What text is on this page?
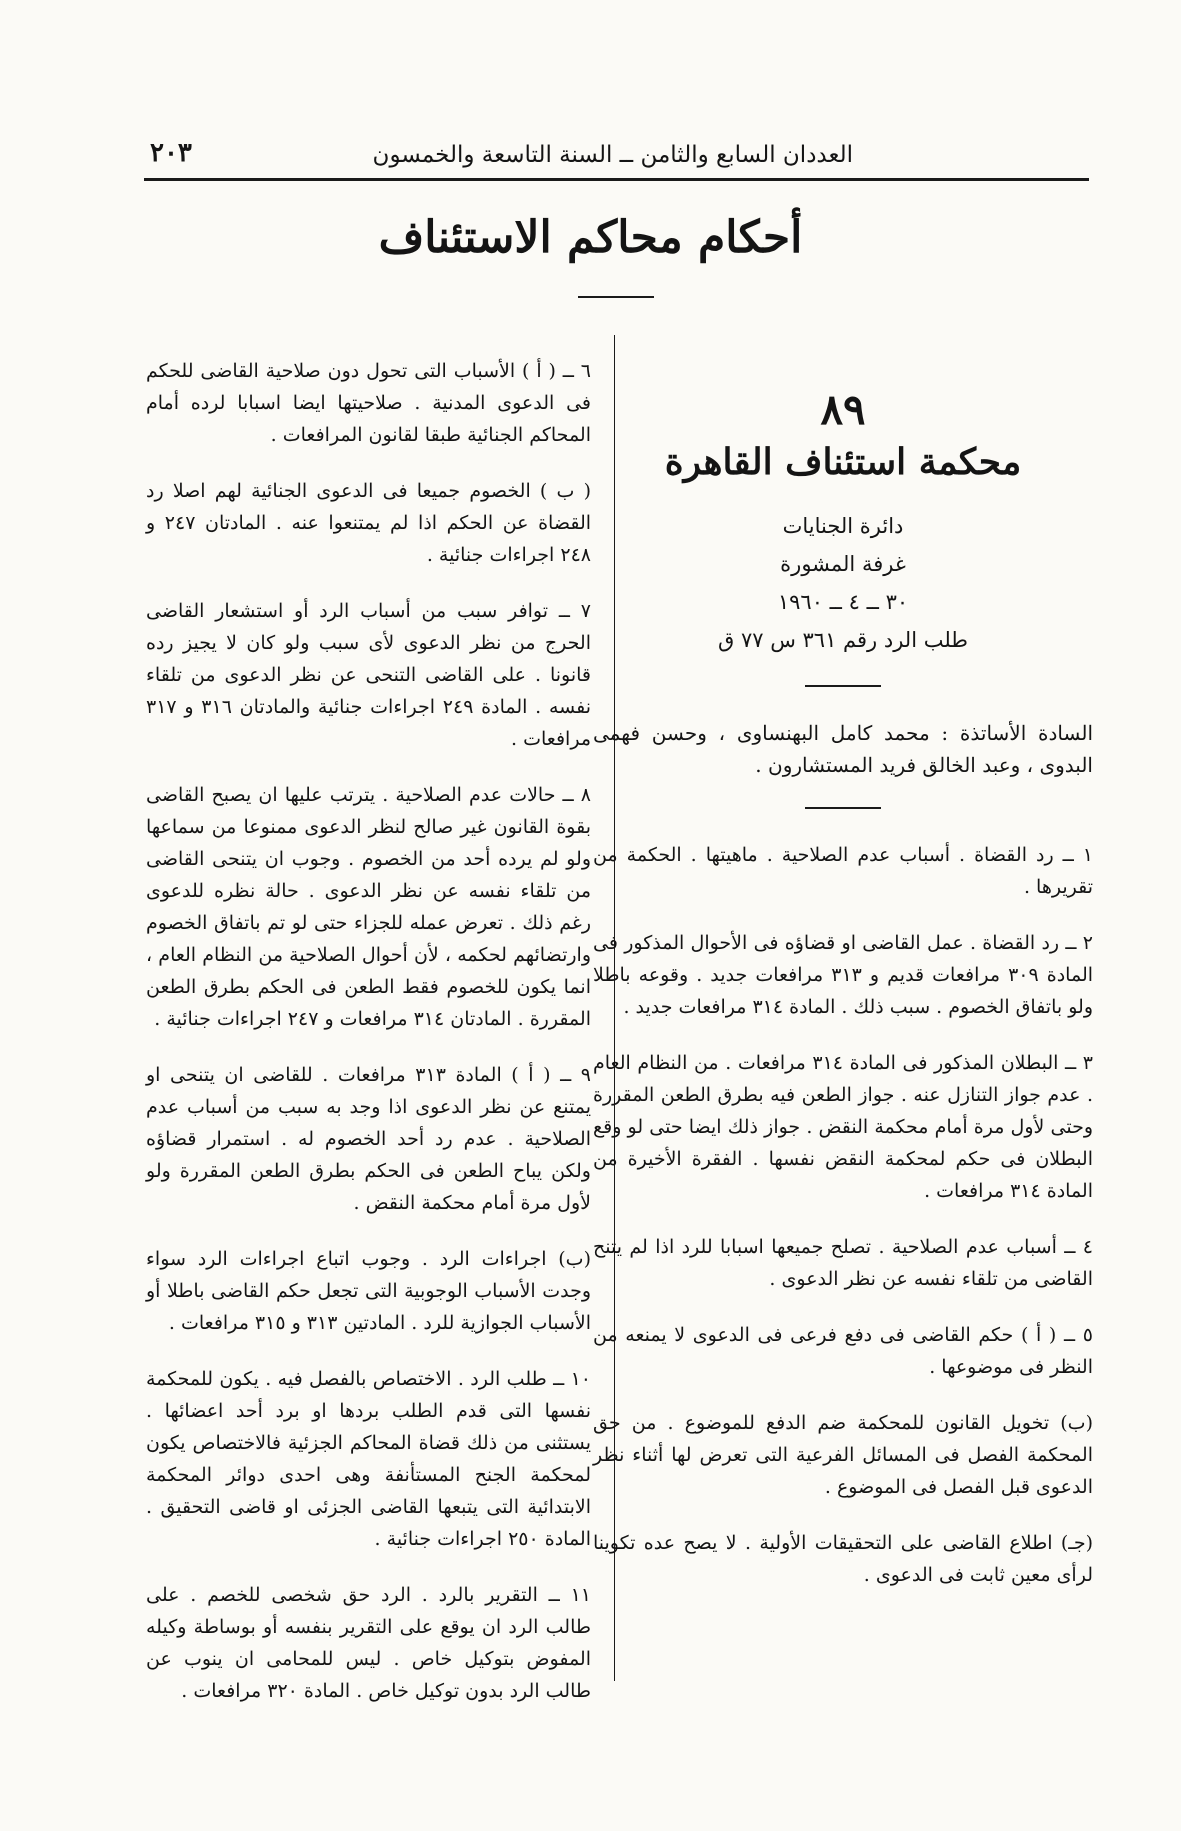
العددان السابع والثامن ــ السنة التاسعة والخمسون
٢٠٣
أحكام محاكم الاستئناف
٨٩
محكمة استئناف القاهرة
دائرة الجنايات
غرفة المشورة
٣٠ ــ ٤ ــ ١٩٦٠
طلب الرد رقم ٣٦١ س ٧٧ ق
السادة الأساتذة : محمد كامل البهنساوى ، وحسن فهمى البدوى ، وعبد الخالق فريد المستشارون .

١ ــ رد القضاة . أسباب عدم الصلاحية . ماهيتها . الحكمة من تقريرها .

٢ ــ رد القضاة . عمل القاضى او قضاؤه فى الأحوال المذكور فى المادة ٣٠٩ مرافعات قديم و ٣١٣ مرافعات جديد . وقوعه باطلا ولو باتفاق الخصوم . سبب ذلك . المادة ٣١٤ مرافعات جديد .

٣ ــ البطلان المذكور فى المادة ٣١٤ مرافعات . من النظام العام . عدم جواز التنازل عنه . جواز الطعن فيه بطرق الطعن المقررة وحتى لأول مرة أمام محكمة النقض . جواز ذلك ايضا حتى لو وقع البطلان فى حكم لمحكمة النقض نفسها . الفقرة الأخيرة من المادة ٣١٤ مرافعات .

٤ ــ أسباب عدم الصلاحية . تصلح جميعها اسبابا للرد اذا لم يتنح القاضى من تلقاء نفسه عن نظر الدعوى .

٥ ــ ( أ ) حكم القاضى فى دفع فرعى فى الدعوى لا يمنعه من النظر فى موضوعها .

(ب) تخويل القانون للمحكمة ضم الدفع للموضوع . من حق المحكمة الفصل فى المسائل الفرعية التى تعرض لها أثناء نظر الدعوى قبل الفصل فى الموضوع .

(جـ) اطلاع القاضى على التحقيقات الأولية . لا يصح عده تكوينا لرأى معين ثابت فى الدعوى .

٦ ــ ( أ ) الأسباب التى تحول دون صلاحية القاضى للحكم فى الدعوى المدنية . صلاحيتها ايضا اسبابا لرده أمام المحاكم الجنائية طبقا لقانون المرافعات .

( ب ) الخصوم جميعا فى الدعوى الجنائية لهم اصلا رد القضاة عن الحكم اذا لم يمتنعوا عنه . المادتان ٢٤٧ و ٢٤٨ اجراءات جنائية .

٧ ــ توافر سبب من أسباب الرد أو استشعار القاضى الحرج من نظر الدعوى لأى سبب ولو كان لا يجيز رده قانونا . على القاضى التنحى عن نظر الدعوى من تلقاء نفسه . المادة ٢٤٩ اجراءات جنائية والمادتان ٣١٦ و ٣١٧ مرافعات .

٨ ــ حالات عدم الصلاحية . يترتب عليها ان يصبح القاضى بقوة القانون غير صالح لنظر الدعوى ممنوعا من سماعها ولو لم يرده أحد من الخصوم . وجوب ان يتنحى القاضى من تلقاء نفسه عن نظر الدعوى . حالة نظره للدعوى رغم ذلك . تعرض عمله للجزاء حتى لو تم باتفاق الخصوم وارتضائهم لحكمه ، لأن أحوال الصلاحية من النظام العام ، انما يكون للخصوم فقط الطعن فى الحكم بطرق الطعن المقررة . المادتان ٣١٤ مرافعات و ٢٤٧ اجراءات جنائية .

٩ ــ ( أ ) المادة ٣١٣ مرافعات . للقاضى ان يتنحى او يمتنع عن نظر الدعوى اذا وجد به سبب من أسباب عدم الصلاحية . عدم رد أحد الخصوم له . استمرار قضاؤه ولكن يباح الطعن فى الحكم بطرق الطعن المقررة ولو لأول مرة أمام محكمة النقض .

(ب) اجراءات الرد . وجوب اتباع اجراءات الرد سواء وجدت الأسباب الوجوبية التى تجعل حكم القاضى باطلا أو الأسباب الجوازية للرد . المادتين ٣١٣ و ٣١٥ مرافعات .

١٠ ــ طلب الرد . الاختصاص بالفصل فيه . يكون للمحكمة نفسها التى قدم الطلب بردها او برد أحد اعضائها . يستثنى من ذلك قضاة المحاكم الجزئية فالاختصاص يكون لمحكمة الجنح المستأنفة وهى احدى دوائر المحكمة الابتدائية التى يتبعها القاضى الجزئى او قاضى التحقيق . المادة ٢٥٠ اجراءات جنائية .

١١ ــ التقرير بالرد . الرد حق شخصى للخصم . على طالب الرد ان يوقع على التقرير بنفسه أو بوساطة وكيله المفوض بتوكيل خاص . ليس للمحامى ان ينوب عن طالب الرد بدون توكيل خاص . المادة ٣٢٠ مرافعات .
